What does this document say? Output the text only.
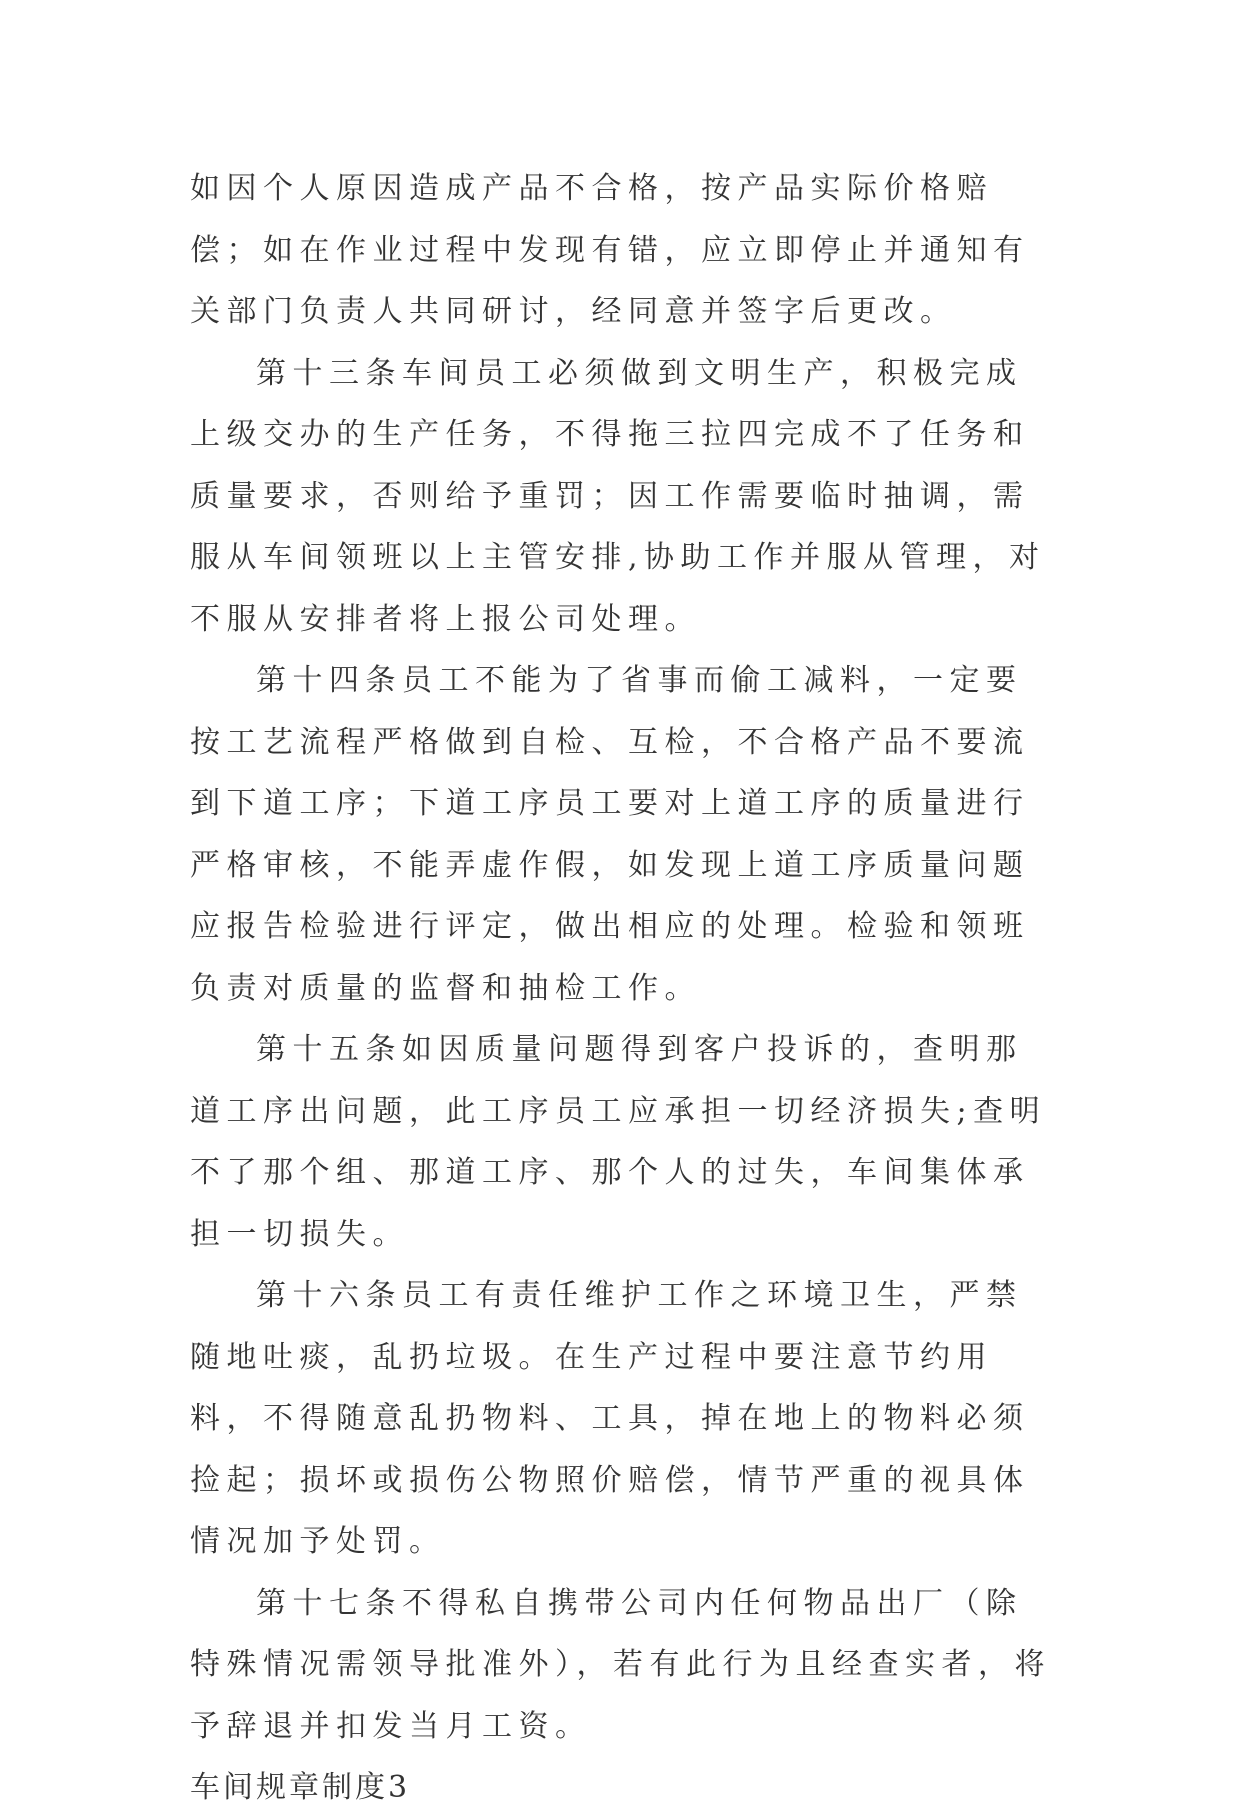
如因个人原因造成产品不合格，按产品实际价格赔偿；如在作业过程中发现有错，应立即停止并通知有关部门负责人共同研讨，经同意并签字后更改。

第十三条车间员工必须做到文明生产，积极完成上级交办的生产任务，不得拖三拉四完成不了任务和质量要求，否则给予重罚；因工作需要临时抽调，需服从车间领班以上主管安排,协助工作并服从管理，对不服从安排者将上报公司处理。

第十四条员工不能为了省事而偷工减料，一定要按工艺流程严格做到自检、互检，不合格产品不要流到下道工序；下道工序员工要对上道工序的质量进行严格审核，不能弄虚作假，如发现上道工序质量问题应报告检验进行评定，做出相应的处理。检验和领班负责对质量的监督和抽检工作。

第十五条如因质量问题得到客户投诉的，查明那道工序出问题，此工序员工应承担一切经济损失;查明不了那个组、那道工序、那个人的过失，车间集体承担一切损失。

第十六条员工有责任维护工作之环境卫生，严禁随地吐痰，乱扔垃圾。在生产过程中要注意节约用料，不得随意乱扔物料、工具，掉在地上的物料必须捡起；损坏或损伤公物照价赔偿，情节严重的视具体情况加予处罚。

第十七条不得私自携带公司内任何物品出厂（除特殊情况需领导批准外），若有此行为且经查实者，将予辞退并扣发当月工资。

车间规章制度3
